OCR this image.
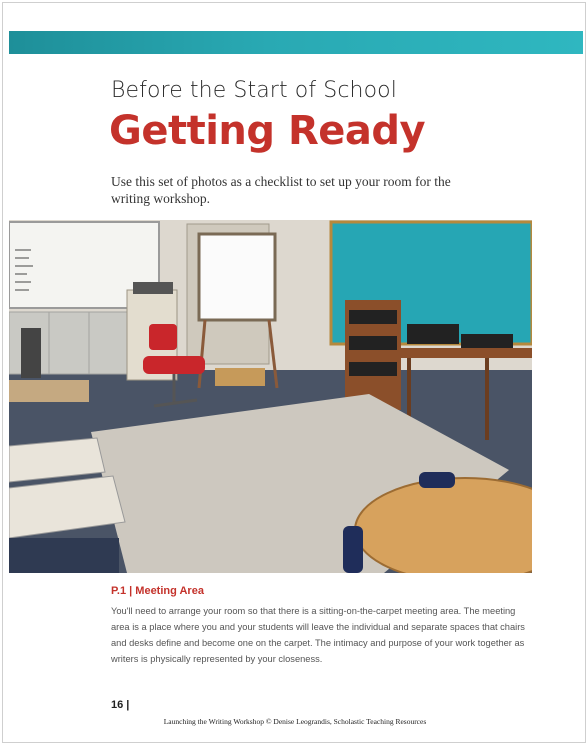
Before the Start of School
Getting Ready
Use this set of photos as a checklist to set up your room for the writing workshop.
P.1 | Meeting Area
You'll need to arrange your room so that there is a sitting-on-the-carpet meeting area. The meeting area is a place where you and your students will leave the individual and separate spaces that chairs and desks define and become one on the carpet. The intimacy and purpose of your work together as writers is physically represented by your closeness.
16 |
Launching the Writing Workshop © Denise Leograndis, Scholastic Teaching Resources
